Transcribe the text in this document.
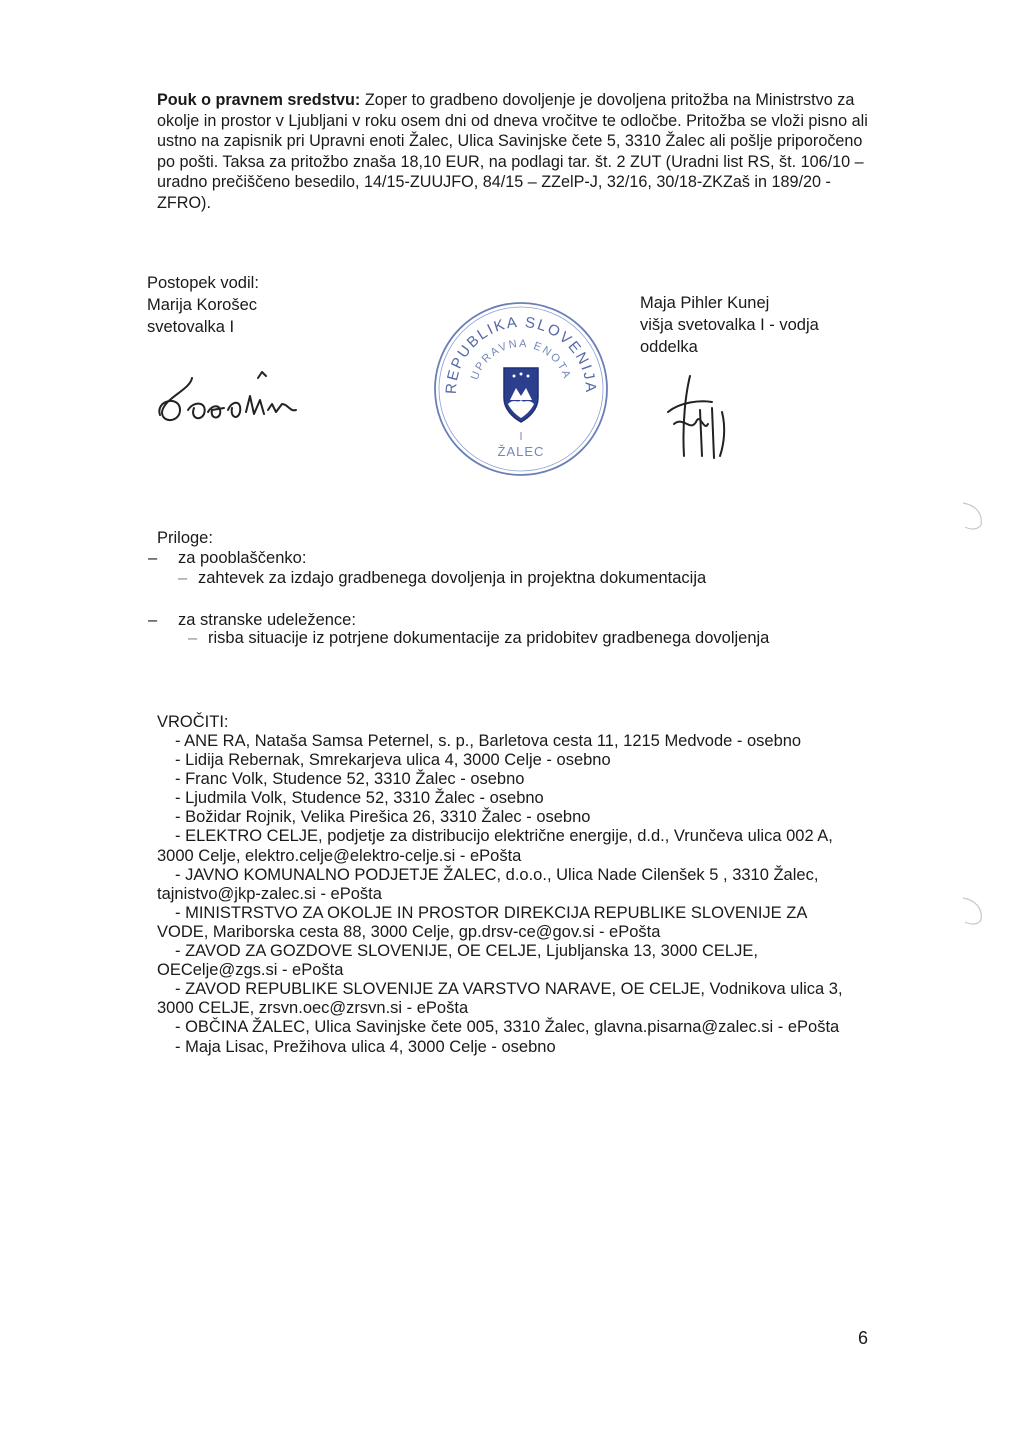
Pouk o pravnem sredstvu: Zoper to gradbeno dovoljenje je dovoljena pritožba na Ministrstvo za okolje in prostor v Ljubljani v roku osem dni od dneva vročitve te odločbe. Pritožba se vloži pisno ali ustno na zapisnik pri Upravni enoti Žalec, Ulica Savinjske čete 5, 3310 Žalec ali pošlje priporočeno po pošti. Taksa za pritožbo znaša 18,10 EUR, na podlagi tar. št. 2 ZUT (Uradni list RS, št. 106/10 – uradno prečiščeno besedilo, 14/15-ZUUJFO, 84/15 – ZZelP-J, 32/16, 30/18-ZKZaš in 189/20 - ZFRO).
Postopek vodil:
Marija Korošec
svetovalka I
REPUBLIKA SLOVENIJA
UPRAVNA ENOTA
ŽALEC
Maja Pihler Kunej
višja svetovalka I - vodja oddelka
Priloge:
– za pooblaščenko:
– zahtevek za izdajo gradbenega dovoljenja in projektna dokumentacija
– za stranske udeležence:
– risba situacije iz potrjene dokumentacije za pridobitev gradbenega dovoljenja
VROČITI:
- ANE RA, Nataša Samsa Peternel, s. p., Barletova cesta 11, 1215 Medvode - osebno
- Lidija Rebernak, Smrekarjeva ulica 4, 3000 Celje - osebno
- Franc Volk, Studence 52, 3310 Žalec - osebno
- Ljudmila Volk, Studence 52, 3310 Žalec - osebno
- Božidar Rojnik, Velika Pirešica 26, 3310 Žalec - osebno
- ELEKTRO CELJE, podjetje za distribucijo električne energije, d.d., Vrunčeva ulica 002 A,
3000 Celje, elektro.celje@elektro-celje.si - ePošta
- JAVNO KOMUNALNO PODJETJE ŽALEC, d.o.o., Ulica Nade Cilenšek 5 , 3310 Žalec,
tajnistvo@jkp-zalec.si - ePošta
- MINISTRSTVO ZA OKOLJE IN PROSTOR DIREKCIJA REPUBLIKE SLOVENIJE ZA
VODE, Mariborska cesta 88, 3000 Celje, gp.drsv-ce@gov.si - ePošta
- ZAVOD ZA GOZDOVE SLOVENIJE, OE CELJE, Ljubljanska 13, 3000 CELJE,
OECelje@zgs.si - ePošta
- ZAVOD REPUBLIKE SLOVENIJE ZA VARSTVO NARAVE, OE CELJE, Vodnikova ulica 3,
3000 CELJE, zrsvn.oec@zrsvn.si - ePošta
- OBČINA ŽALEC, Ulica Savinjske čete 005, 3310 Žalec, glavna.pisarna@zalec.si - ePošta
- Maja Lisac, Prežihova ulica 4, 3000 Celje - osebno
6
